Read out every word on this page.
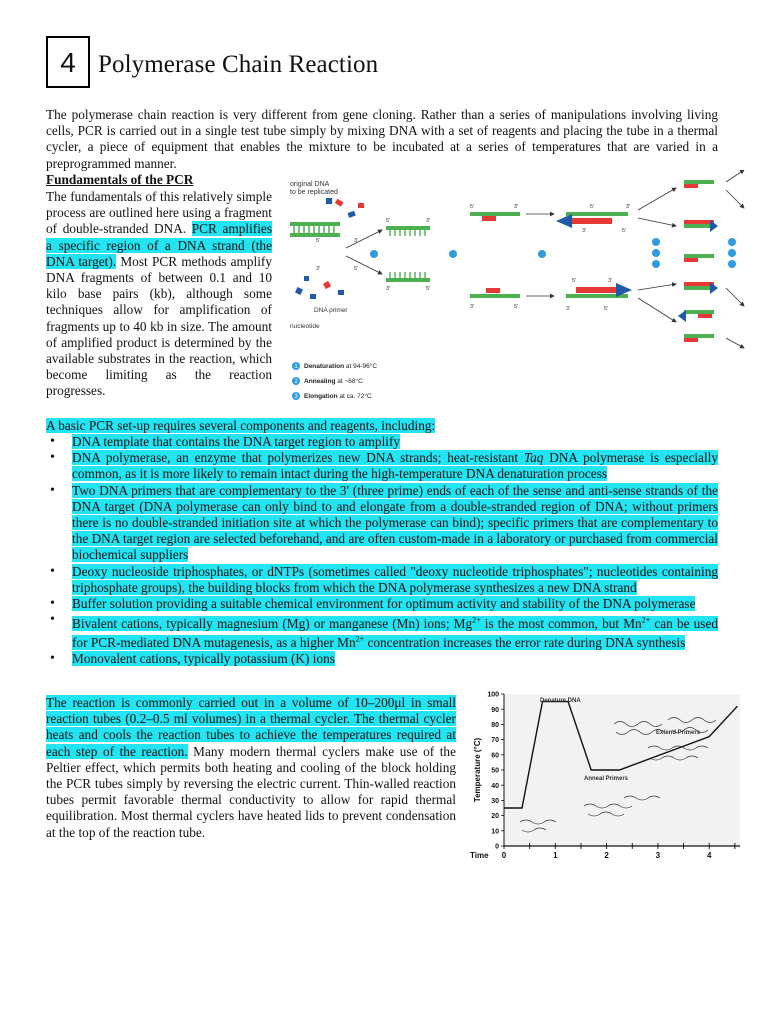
4 Polymerase Chain Reaction

The polymerase chain reaction is very different from gene cloning. Rather than a series of manipulations involving living cells, PCR is carried out in a single test tube simply by mixing DNA with a set of reagents and placing the tube in a thermal cycler, a piece of equipment that enables the mixture to be incubated at a series of temperatures that are varied in a preprogrammed manner.

Fundamentals of the PCR

The fundamentals of this relatively simple process are outlined here using a fragment of double-stranded DNA. PCR amplifies a specific region of a DNA strand (the DNA target). Most PCR methods amplify DNA fragments of between 0.1 and 10 kilo base pairs (kb), although some techniques allow for amplification of fragments up to 40 kb in size. The amount of amplified product is determined by the available substrates in the reaction, which become limiting as the reaction progresses.

original DNA to be replicated
DNA primer
nucleotide
5'	3'
3'	5'
5'	3'
3'	5'
5'	3'
3'	5'
5'	3'
3'	5'
5'	3'
3'	5'
1 Denaturation at 94-96°C
2 Annealing at ~68°C
3 Elongation at ca. 72°C

A basic PCR set-up requires several components and reagents, including:

• DNA template that contains the DNA target region to amplify
• DNA polymerase, an enzyme that polymerizes new DNA strands; heat-resistant Taq DNA polymerase is especially common, as it is more likely to remain intact during the high-temperature DNA denaturation process
• Two DNA primers that are complementary to the 3' (three prime) ends of each of the sense and anti-sense strands of the DNA target (DNA polymerase can only bind to and elongate from a double-stranded region of DNA; without primers there is no double-stranded initiation site at which the polymerase can bind); specific primers that are complementary to the DNA target region are selected beforehand, and are often custom-made in a laboratory or purchased from commercial biochemical suppliers
• Deoxy nucleoside triphosphates, or dNTPs (sometimes called "deoxy nucleotide triphosphates"; nucleotides containing triphosphate groups), the building blocks from which the DNA polymerase synthesizes a new DNA strand
• Buffer solution providing a suitable chemical environment for optimum activity and stability of the DNA polymerase
• Bivalent cations, typically magnesium (Mg) or manganese (Mn) ions; $Mg^{2+}$ is the most common, but $Mn^{2+}$ can be used for PCR-mediated DNA mutagenesis, as a higher $Mn^{2+}$ concentration increases the error rate during DNA synthesis
• Monovalent cations, typically potassium (K) ions

The reaction is commonly carried out in a volume of 10–200μl in small reaction tubes (0.2–0.5 ml volumes) in a thermal cycler. The thermal cycler heats and cools the reaction tubes to achieve the temperatures required at each step of the reaction. Many modern thermal cyclers make use of the Peltier effect, which permits both heating and cooling of the block holding the PCR tubes simply by reversing the electric current. Thin-walled reaction tubes permit favorable thermal conductivity to allow for rapid thermal equilibration. Most thermal cyclers have heated lids to prevent condensation at the top of the reaction tube.

0
10
20
30
40
50
60
70
80
90
100
0	1	2	3	4
Temperature (°C)
Time
Denature DNA
Anneal Primers
Extend Primers
